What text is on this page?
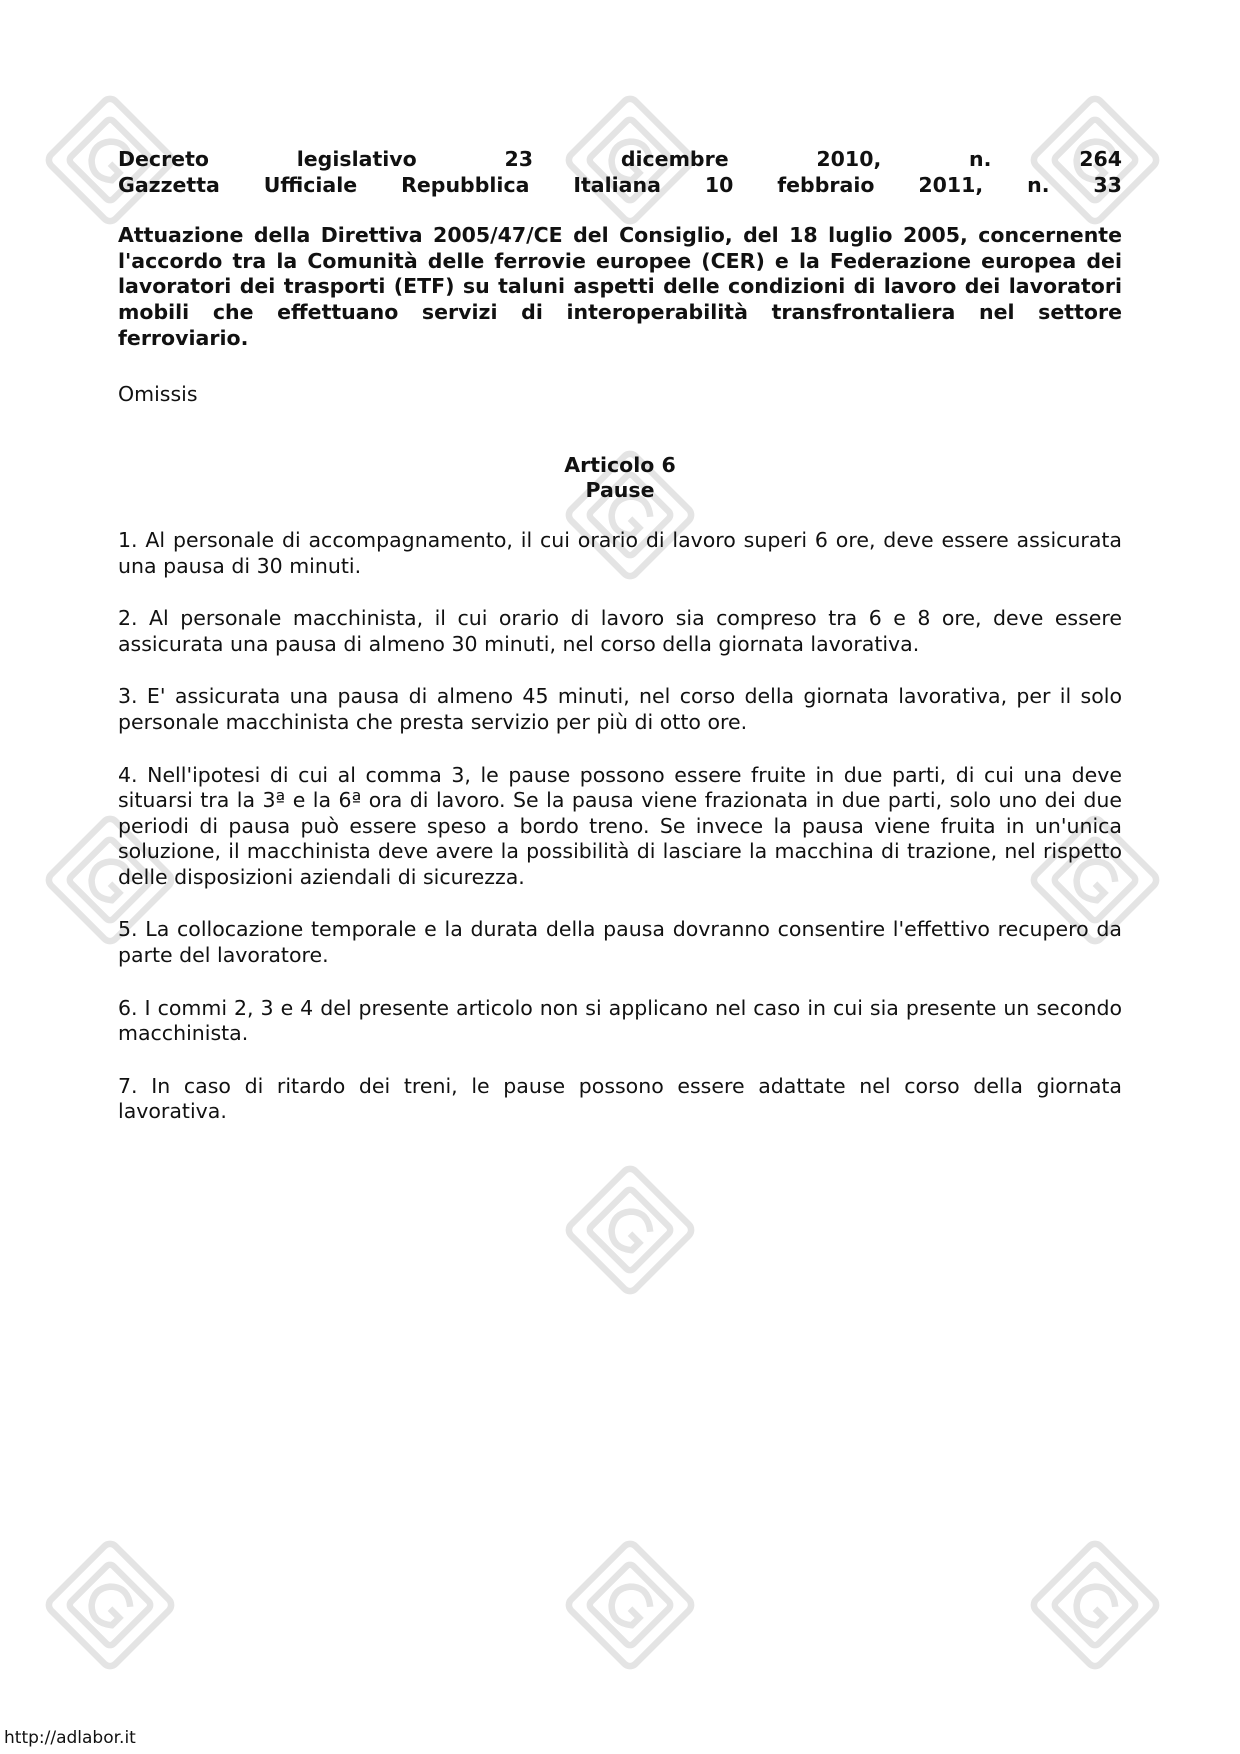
Decreto	legislativo	23	dicembre	2010,	n.	264
Gazzetta Ufficiale Repubblica Italiana 10 febbraio 2011, n. 33

Attuazione della Direttiva 2005/47/CE del Consiglio, del 18 luglio 2005, concernente l'accordo tra la Comunità delle ferrovie europee (CER) e la Federazione europea dei lavoratori dei trasporti (ETF) su taluni aspetti delle condizioni di lavoro dei lavoratori mobili che effettuano servizi di interoperabilità transfrontaliera nel settore ferroviario.

Omissis
Articolo 6
Pause

1. Al personale di accompagnamento, il cui orario di lavoro superi 6 ore, deve essere assicurata una pausa di 30 minuti.

2. Al personale macchinista, il cui orario di lavoro sia compreso tra 6 e 8 ore, deve essere assicurata una pausa di almeno 30 minuti, nel corso della giornata lavorativa.

3. E' assicurata una pausa di almeno 45 minuti, nel corso della giornata lavorativa, per il solo personale macchinista che presta servizio per più di otto ore.

4. Nell'ipotesi di cui al comma 3, le pause possono essere fruite in due parti, di cui una deve situarsi tra la 3ª e la 6ª ora di lavoro. Se la pausa viene frazionata in due parti, solo uno dei due periodi di pausa può essere speso a bordo treno. Se invece la pausa viene fruita in un'unica soluzione, il macchinista deve avere la possibilità di lasciare la macchina di trazione, nel rispetto delle disposizioni aziendali di sicurezza.

5. La collocazione temporale e la durata della pausa dovranno consentire l'effettivo recupero da parte del lavoratore.

6. I commi 2, 3 e 4 del presente articolo non si applicano nel caso in cui sia presente un secondo macchinista.

7. In caso di ritardo dei treni, le pause possono essere adattate nel corso della giornata lavorativa.

http://adlabor.it
